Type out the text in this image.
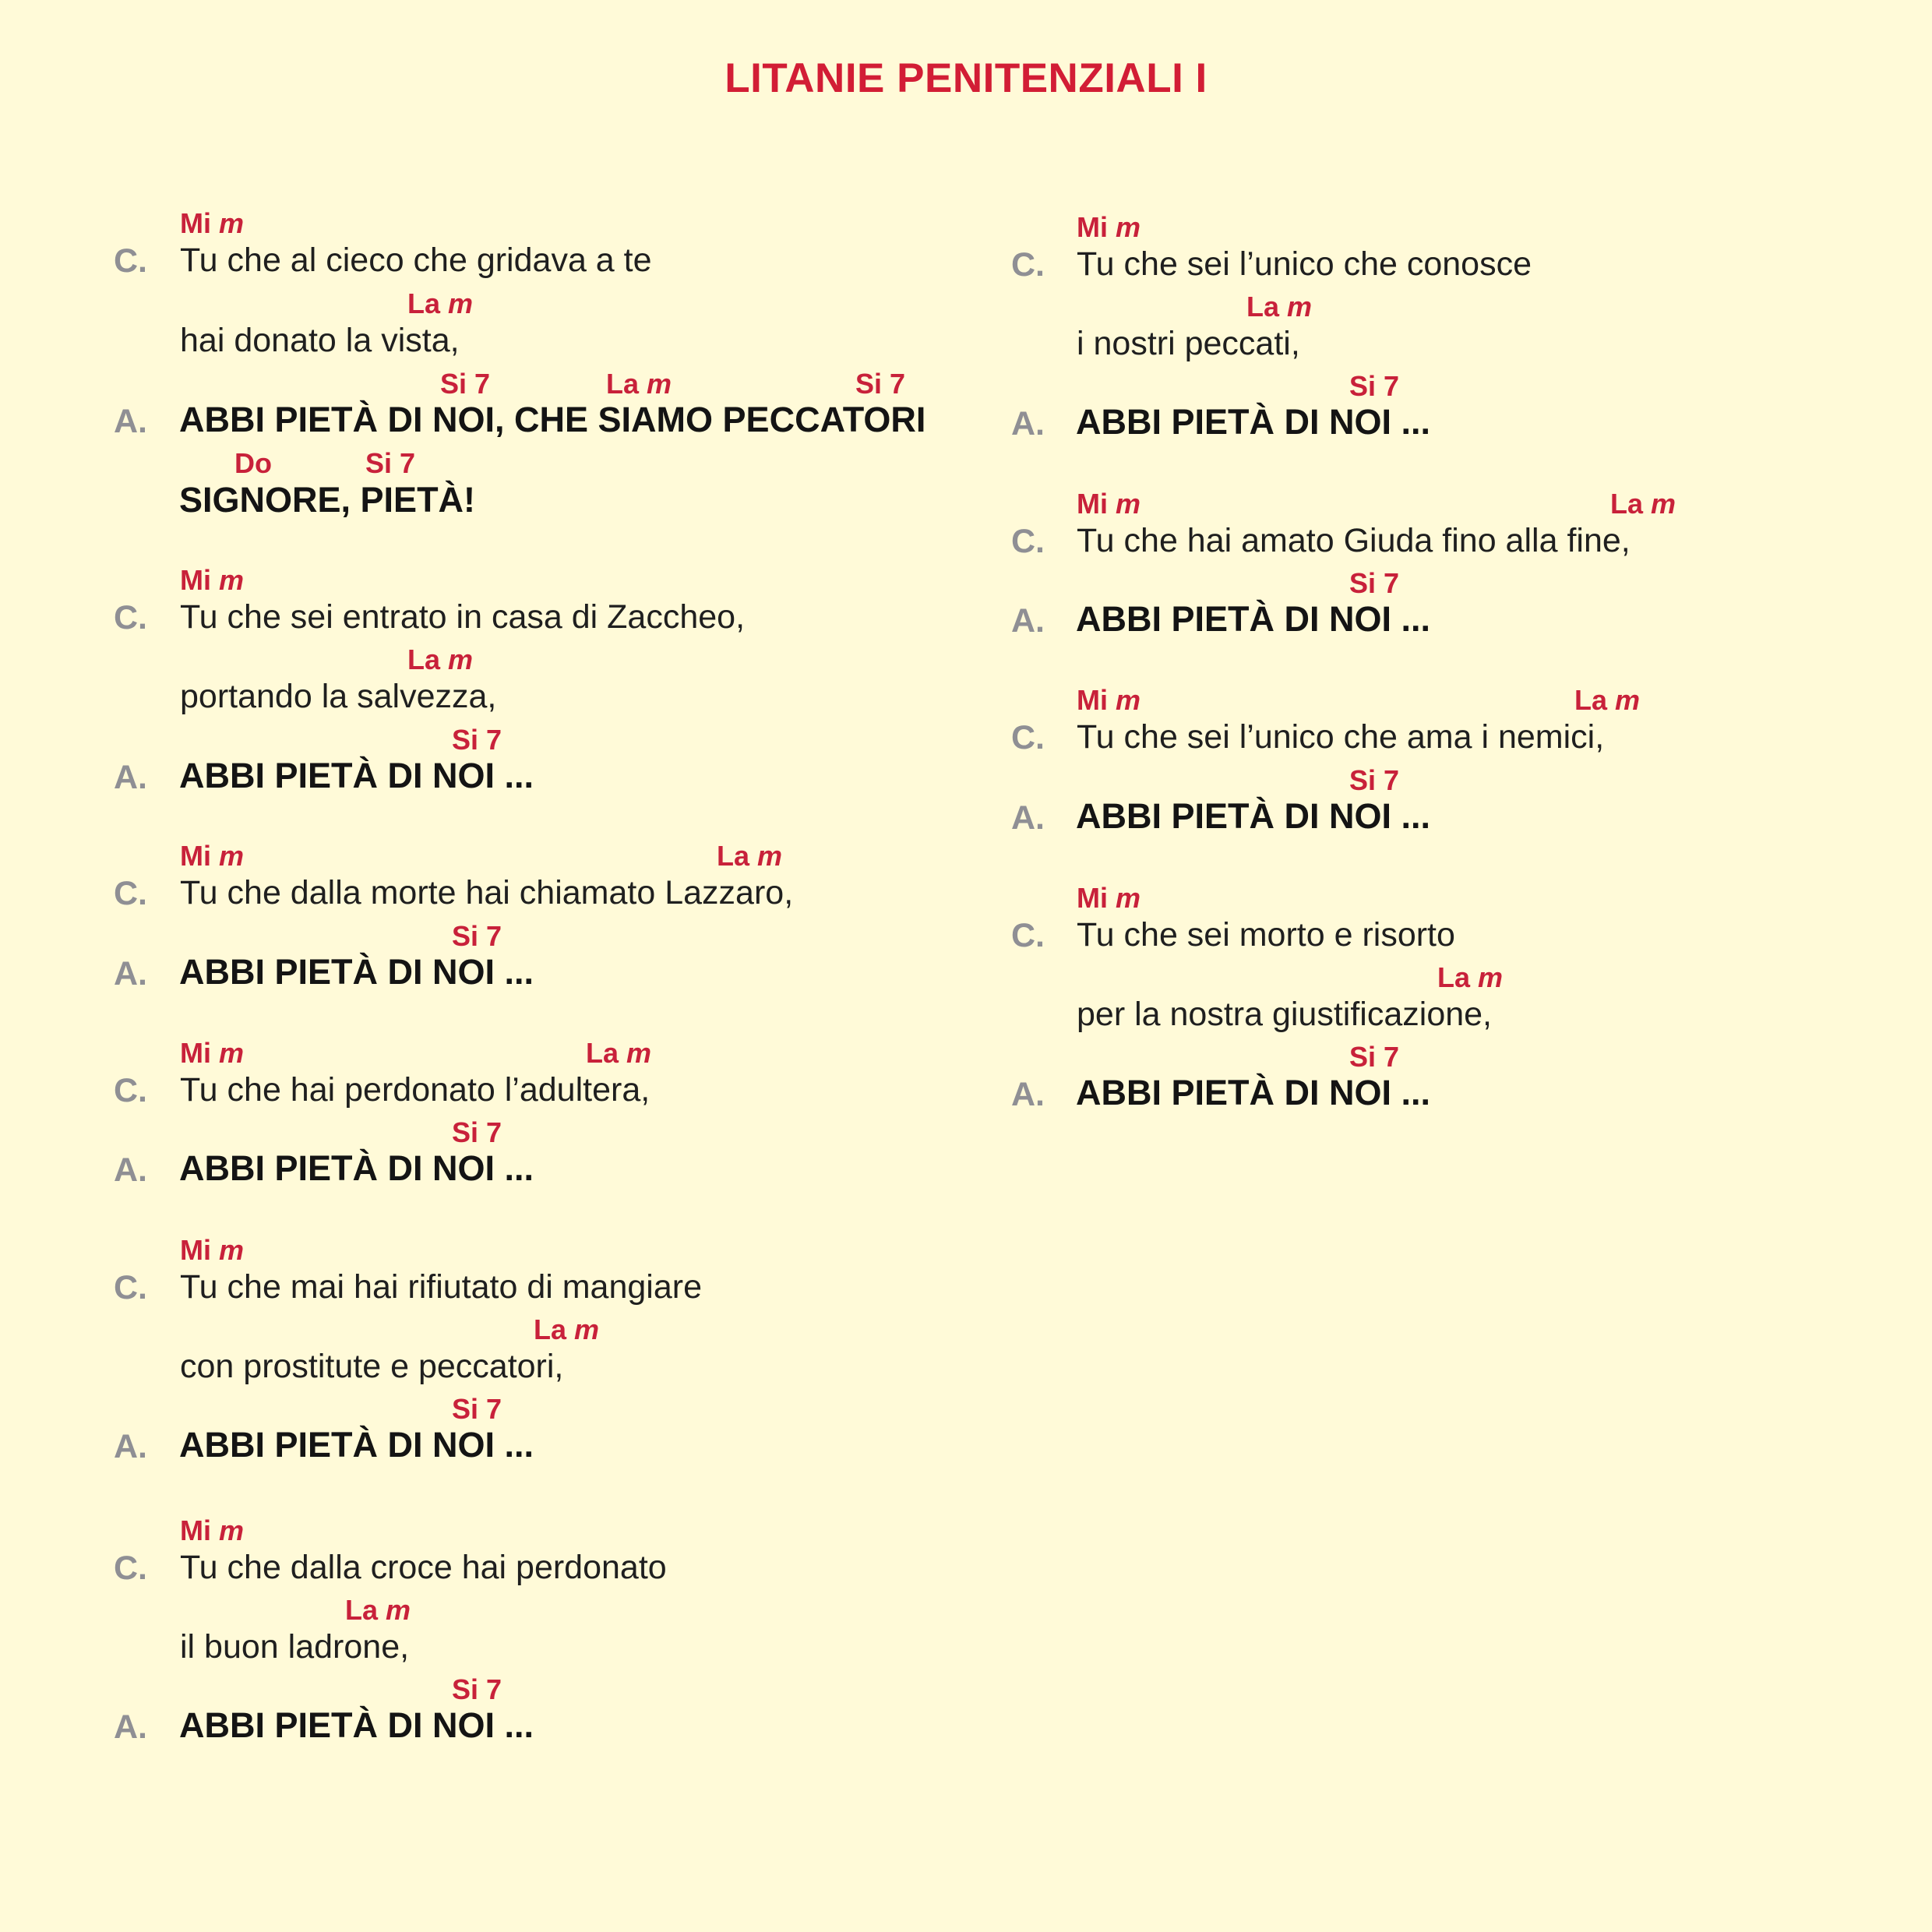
LITANIE PENITENZIALI I
Mi m
C. Tu che al cieco che gridava a te
La m
hai donato la vista,
Si 7	La m	Si 7
A. ABBI PIETÀ DI NOI, CHE SIAMO PECCATORI
Do	Si 7
SIGNORE, PIETÀ!
Mi m
C. Tu che sei entrato in casa di Zaccheo,
La m
portando la salvezza,
Si 7
A. ABBI PIETÀ DI NOI ...
Mi m	La m
C. Tu che dalla morte hai chiamato Lazzaro,
Si 7
A. ABBI PIETÀ DI NOI ...
Mi m	La m
C. Tu che hai perdonato l’adultera,
Si 7
A. ABBI PIETÀ DI NOI ...
Mi m
C. Tu che mai hai rifiutato di mangiare
La m
con prostitute e peccatori,
Si 7
A. ABBI PIETÀ DI NOI ...
Mi m
C. Tu che dalla croce hai perdonato
La m
il buon ladrone,
Si 7
A. ABBI PIETÀ DI NOI ...
Mi m
C. Tu che sei l’unico che conosce
La m
i nostri peccati,
Si 7
A. ABBI PIETÀ DI NOI ...
Mi m	La m
C. Tu che hai amato Giuda fino alla fine,
Si 7
A. ABBI PIETÀ DI NOI ...
Mi m	La m
C. Tu che sei l’unico che ama i nemici,
Si 7
A. ABBI PIETÀ DI NOI ...
Mi m
C. Tu che sei morto e risorto
La m
per la nostra giustificazione,
Si 7
A. ABBI PIETÀ DI NOI ...
